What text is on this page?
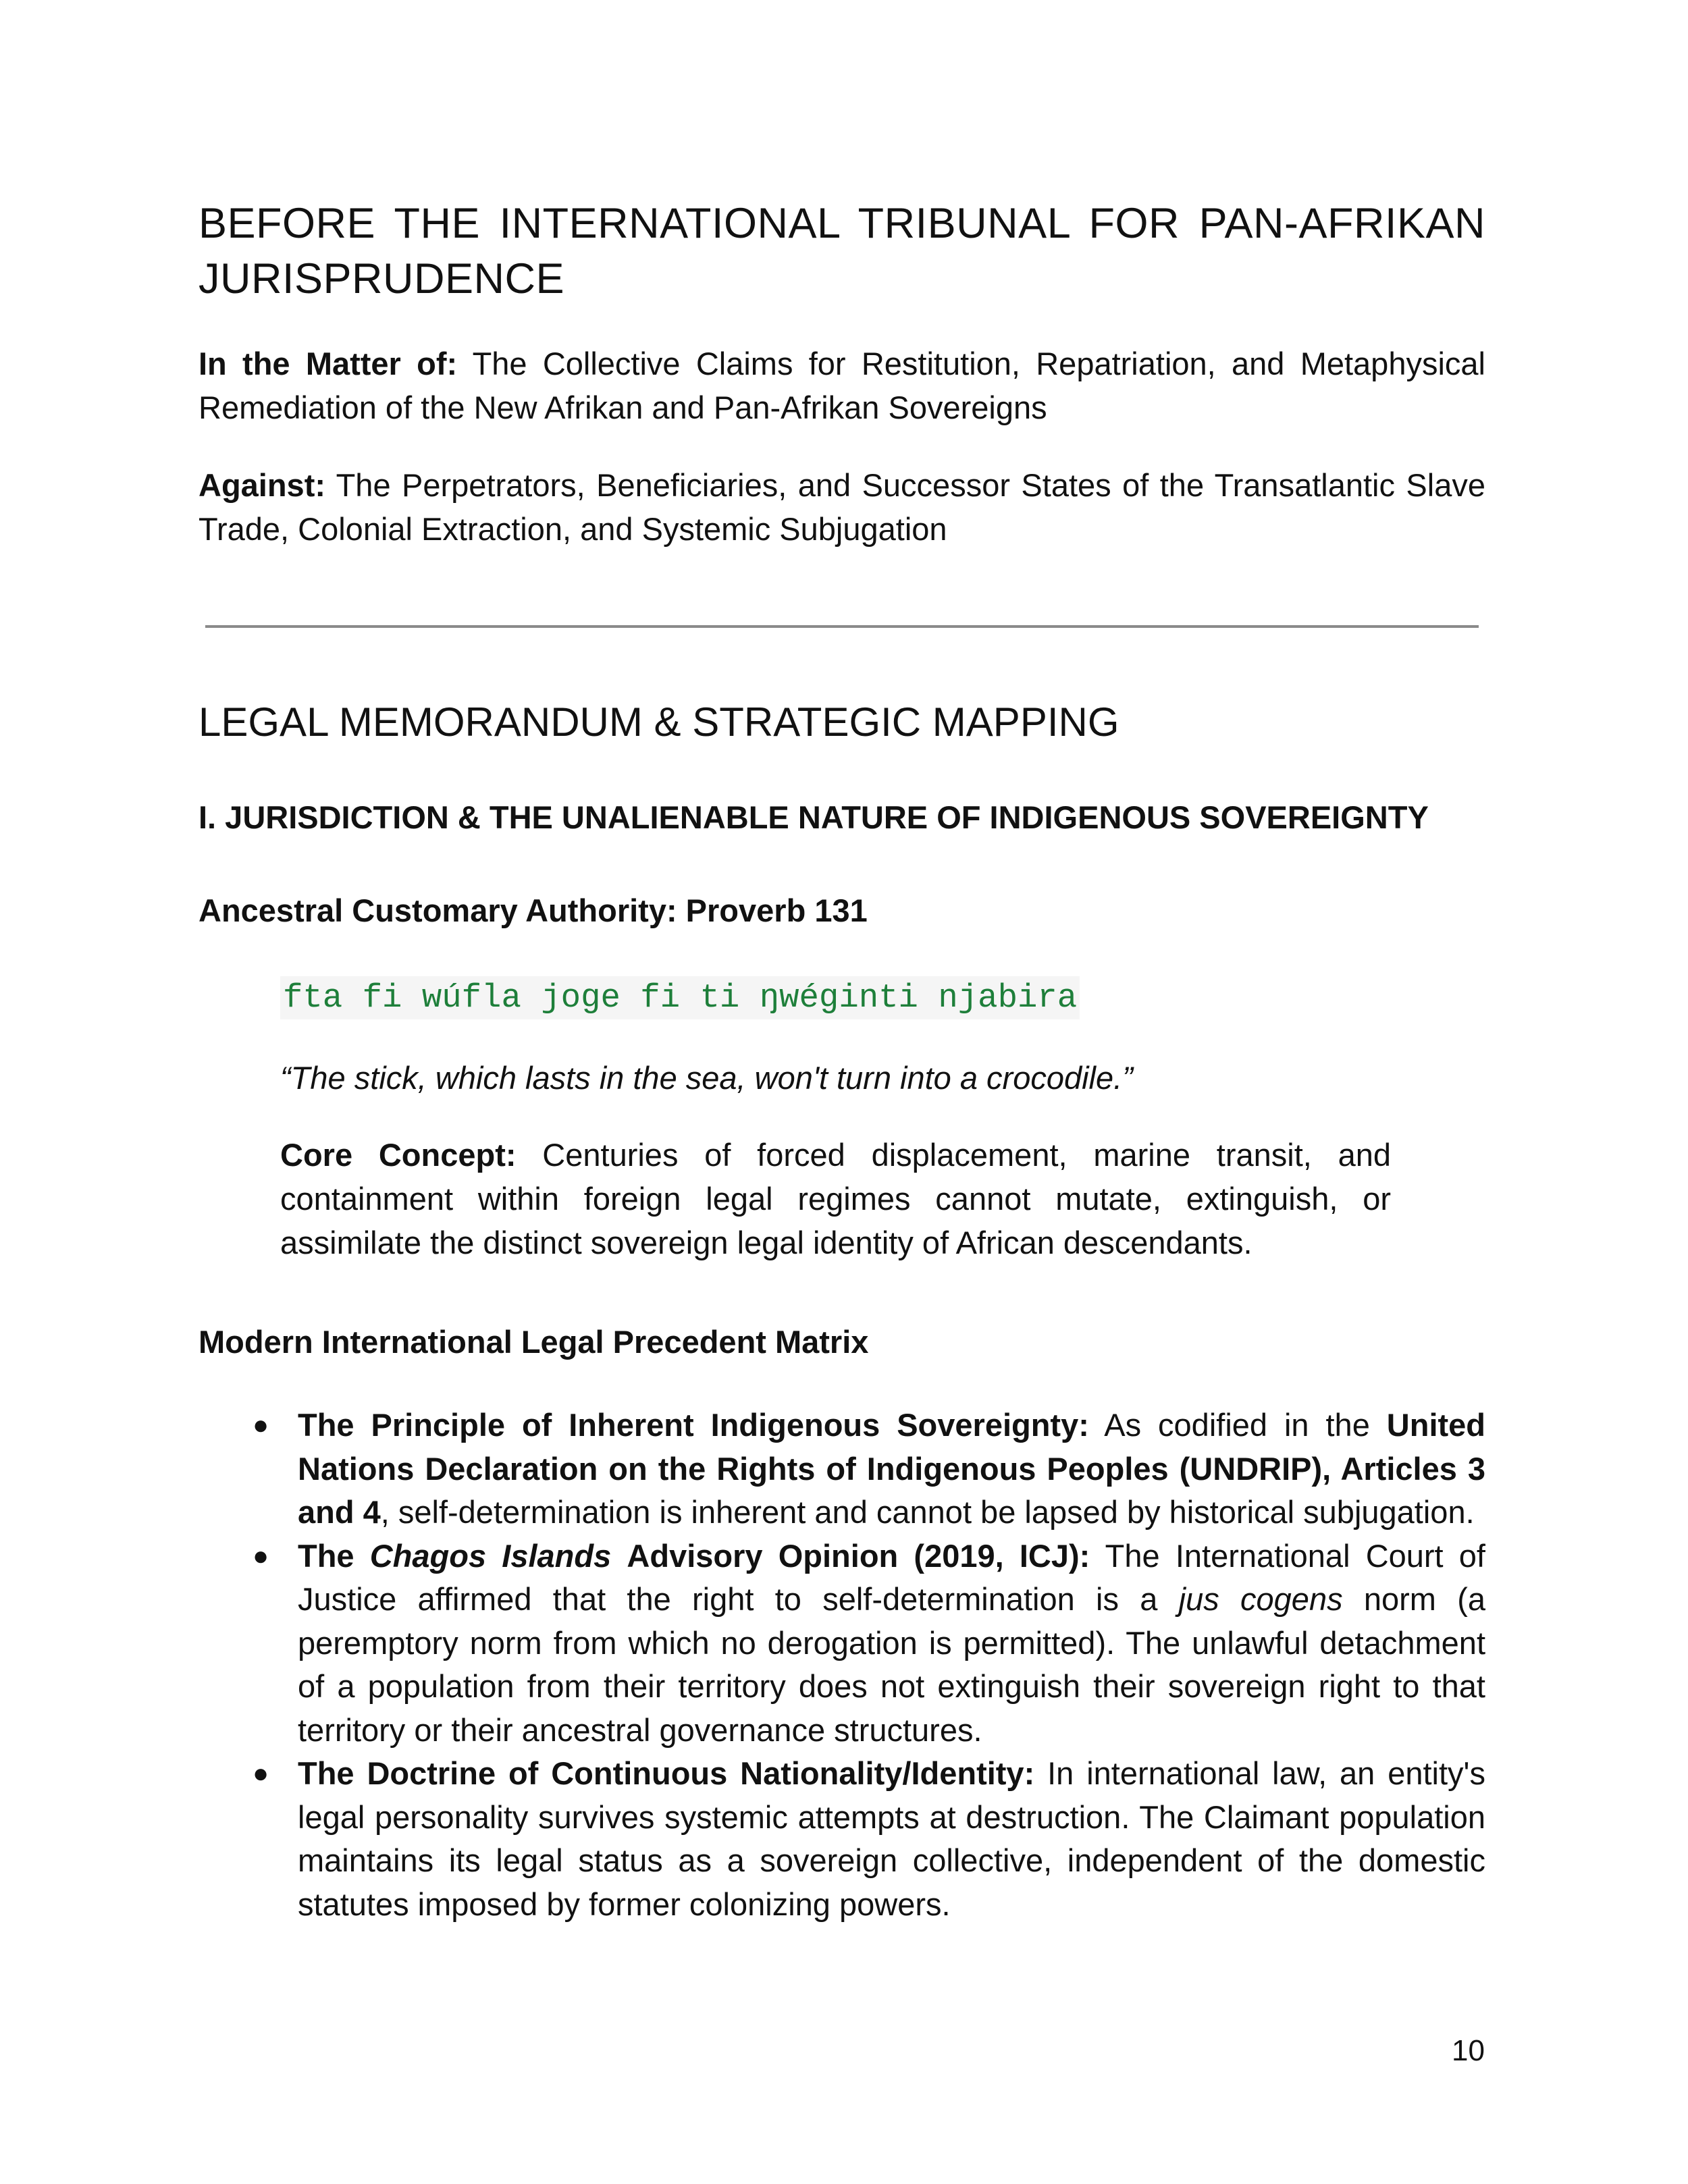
BEFORE THE INTERNATIONAL TRIBUNAL FOR PAN-AFRIKAN JURISPRUDENCE

In the Matter of: The Collective Claims for Restitution, Repatriation, and Metaphysical Remediation of the New Afrikan and Pan-Afrikan Sovereigns

Against: The Perpetrators, Beneficiaries, and Successor States of the Transatlantic Slave Trade, Colonial Extraction, and Systemic Subjugation

LEGAL MEMORANDUM & STRATEGIC MAPPING
I. JURISDICTION & THE UNALIENABLE NATURE OF INDIGENOUS SOVEREIGNTY
Ancestral Customary Authority: Proverb 131
fta fi wúfla joge fi ti ŋwéginti njabira

“The stick, which lasts in the sea, won't turn into a crocodile.”

Core Concept: Centuries of forced displacement, marine transit, and containment within foreign legal regimes cannot mutate, extinguish, or assimilate the distinct sovereign legal identity of African descendants.

Modern International Legal Precedent Matrix
● The Principle of Inherent Indigenous Sovereignty: As codified in the United Nations Declaration on the Rights of Indigenous Peoples (UNDRIP), Articles 3 and 4, self-determination is inherent and cannot be lapsed by historical subjugation.
● The Chagos Islands Advisory Opinion (2019, ICJ): The International Court of Justice affirmed that the right to self-determination is a jus cogens norm (a peremptory norm from which no derogation is permitted). The unlawful detachment of a population from their territory does not extinguish their sovereign right to that territory or their ancestral governance structures.
● The Doctrine of Continuous Nationality/Identity: In international law, an entity's legal personality survives systemic attempts at destruction. The Claimant population maintains its legal status as a sovereign collective, independent of the domestic statutes imposed by former colonizing powers.
10
